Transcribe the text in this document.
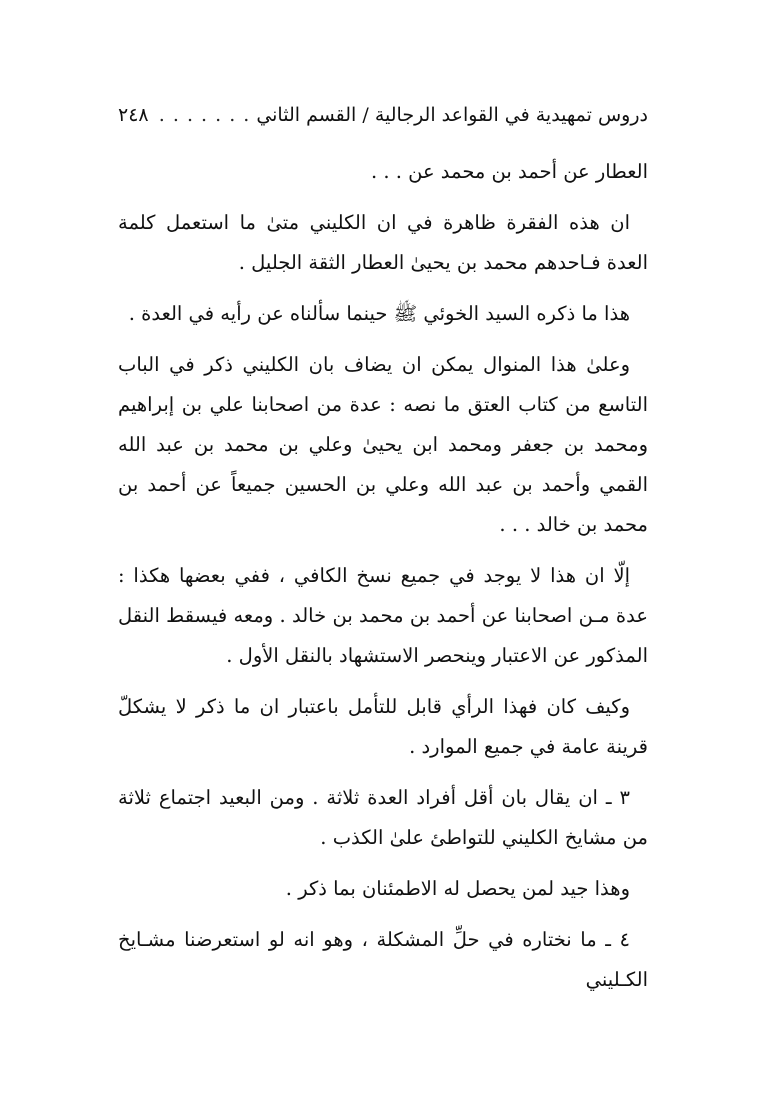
دروس تمهيدية في القواعد الرجالية / القسم الثاني
. . .
٢٤٨

العطار عن أحمد بن محمد عن . . .

ان هذه الفقرة ظاهرة في ان الكليني متىٰ ما استعمل كلمة العدة فـاحدهم محمد بن يحيىٰ العطار الثقة الجليل .

هذا ما ذكره السيد الخوئي ﷺ حينما سألناه عن رأيه في العدة .

وعلىٰ هذا المنوال يمكن ان يضاف بان الكليني ذكر في الباب التاسع من كتاب العتق ما نصه : عدة من اصحابنا علي بن إبراهيم ومحمد بن جعفر ومحمد ابن يحيىٰ وعلي بن محمد بن عبد الله القمي وأحمد بن عبد الله وعلي بن الحسين جميعاً عن أحمد بن محمد بن خالد . . .

إلّا ان هذا لا يوجد في جميع نسخ الكافي ، ففي بعضها هكذا : عدة مـن اصحابنا عن أحمد بن محمد بن خالد . ومعه فيسقط النقل المذكور عن الاعتبار وينحصر الاستشهاد بالنقل الأول .

وكيف كان فهذا الرأي قابل للتأمل باعتبار ان ما ذكر لا يشكلّ قرينة عامة في جميع الموارد .

٣ ـ ان يقال بان أقل أفراد العدة ثلاثة . ومن البعيد اجتماع ثلاثة من مشايخ الكليني للتواطئ علىٰ الكذب .

وهذا جيد لمن يحصل له الاطمئنان بما ذكر .

٤ ـ ما نختاره في حلِّ المشكلة ، وهو انه لو استعرضنا مشـايخ الكـليني
